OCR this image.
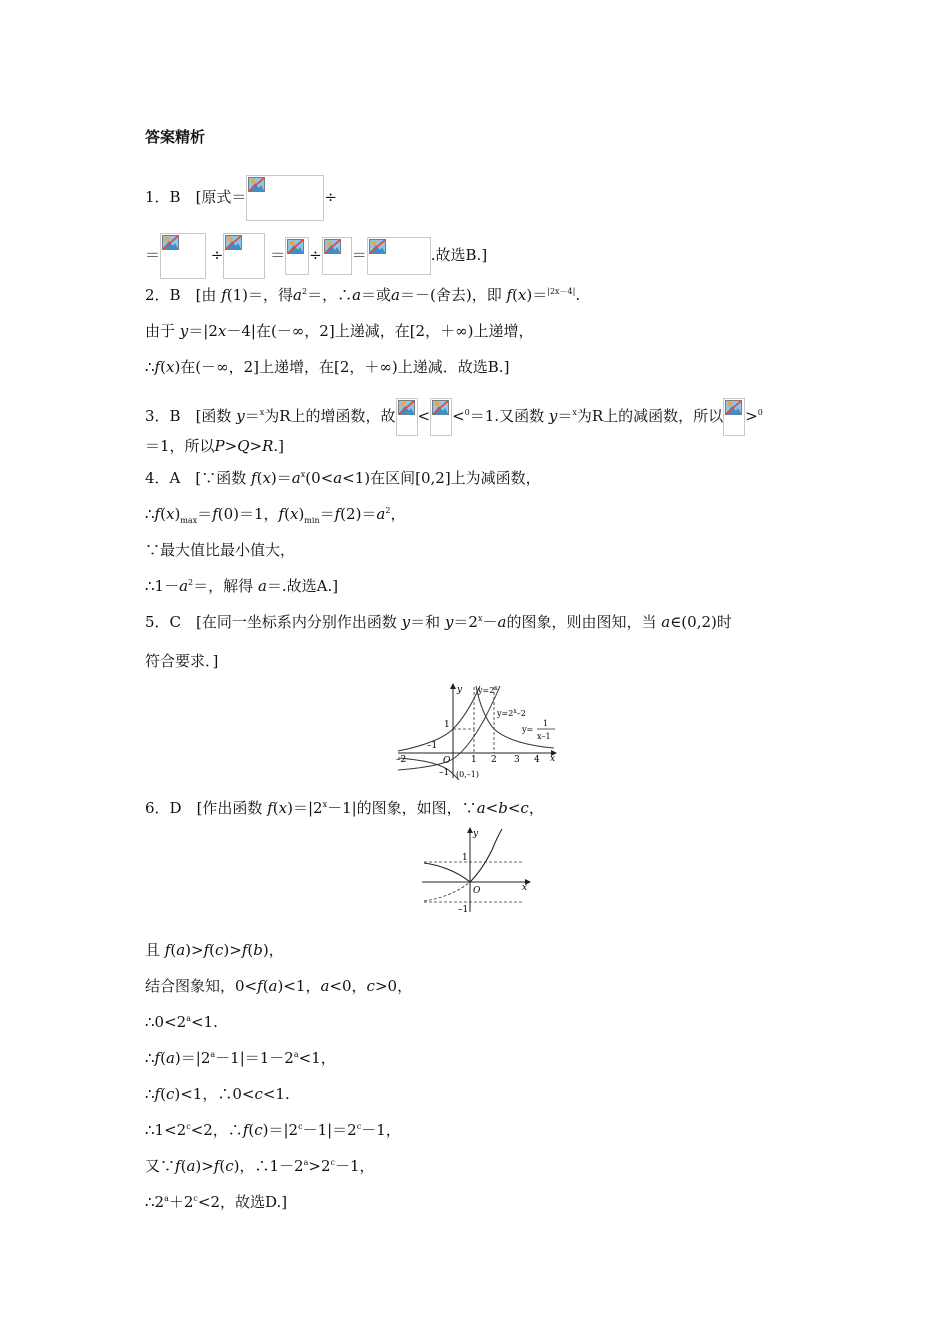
答案精析
1．B　[原式＝	÷
＝	÷	＝ ÷ ＝	.故选B.]
2．B　[由 f(1)＝，得$a^2=$，∴a＝或a＝－(舍去)，即 f(x)＝$^{|2x-4|}$.
由于 y＝|2x－4|在(－∞，2]上递减，在[2，＋∞)上递增，
∴f(x)在(－∞，2]上递增，在[2，＋∞)上递减．故选B.]
3．B　[函数 y＝$^x$为R上的增函数，故 < <$^0$＝1.又函数 y＝$^x$为R上的减函数，所以 >$^0$
＝1，所以P>Q>R.]
4．A　[∵函数 $f(x)=a^x(0<a<1)$在区间[0,2]上为减函数，
$\therefore f(x)_{max}=f(0)=1$，$f(x)_{min}=f(2)=a^2$，
∵最大值比最小值大，
$\therefore 1-a^2=$，解得 a＝.故选A.]
5．C　[在同一坐标系内分别作出函数 y＝和 $y=2^x-a$的图象，则由图知，当 a∈(0,2)时
符合要求．]
y
x
O
$y=2^x$
$y=2^x-2$
y=
1
x–1
–2
–1
1 2 3 4
1
–1 (0,–1)
6．D　[作出函数 $f(x)=|2^x-1|$的图象，如图，∵a<b<c，
y
x
O
1
–1
且 f(a)>f(c)>f(b)，
结合图象知，0<f(a)<1，a<0，c>0，
$\therefore 0<2^a<1$.
$\therefore f(a)=|2^a-1|=1-2^a<1$，
∴f(c)<1，∴0<c<1.
$\therefore 1<2^c<2$，$\therefore f(c)=|2^c-1|=2^c-1$，
又∵f(a)>f(c)，$\therefore 1-2^a>2^c-1$，
$\therefore 2^a+2^c<2$，故选D.]
